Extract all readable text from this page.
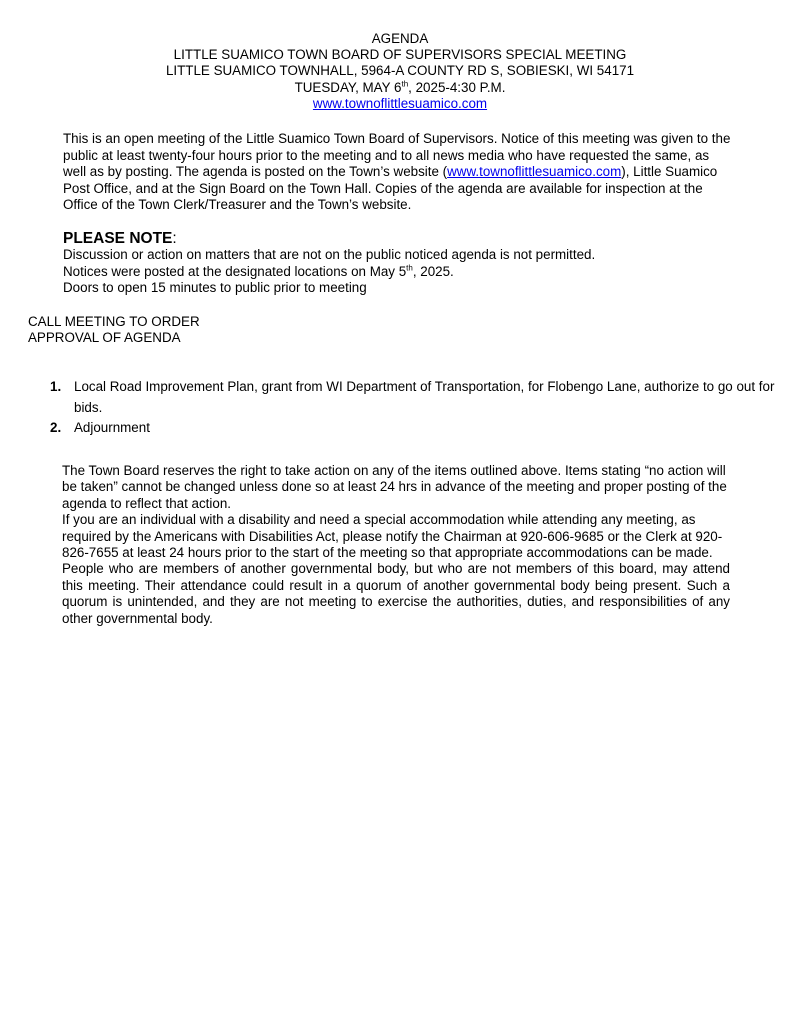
AGENDA
LITTLE SUAMICO TOWN BOARD OF SUPERVISORS SPECIAL MEETING
LITTLE SUAMICO TOWNHALL, 5964-A COUNTY RD S, SOBIESKI, WI 54171
TUESDAY, MAY 6th, 2025-4:30 P.M.
www.townoflittlesuamico.com
This is an open meeting of the Little Suamico Town Board of Supervisors. Notice of this meeting was given to the public at least twenty-four hours prior to the meeting and to all news media who have requested the same, as well as by posting. The agenda is posted on the Town’s website (www.townoflittlesuamico.com), Little Suamico Post Office, and at the Sign Board on the Town Hall. Copies of the agenda are available for inspection at the Office of the Town Clerk/Treasurer and the Town’s website.
PLEASE NOTE:
Discussion or action on matters that are not on the public noticed agenda is not permitted.
Notices were posted at the designated locations on May 5th, 2025.
Doors to open 15 minutes to public prior to meeting
CALL MEETING TO ORDER
APPROVAL OF AGENDA
1. Local Road Improvement Plan, grant from WI Department of Transportation, for Flobengo Lane, authorize to go out for bids.
2. Adjournment

The Town Board reserves the right to take action on any of the items outlined above. Items stating “no action will be taken” cannot be changed unless done so at least 24 hrs in advance of the meeting and proper posting of the agenda to reflect that action.

If you are an individual with a disability and need a special accommodation while attending any meeting, as required by the Americans with Disabilities Act, please notify the Chairman at 920-606-9685 or the Clerk at 920-826-7655 at least 24 hours prior to the start of the meeting so that appropriate accommodations can be made.

People who are members of another governmental body, but who are not members of this board, may attend this meeting. Their attendance could result in a quorum of another governmental body being present. Such a quorum is unintended, and they are not meeting to exercise the authorities, duties, and responsibilities of any other governmental body.
